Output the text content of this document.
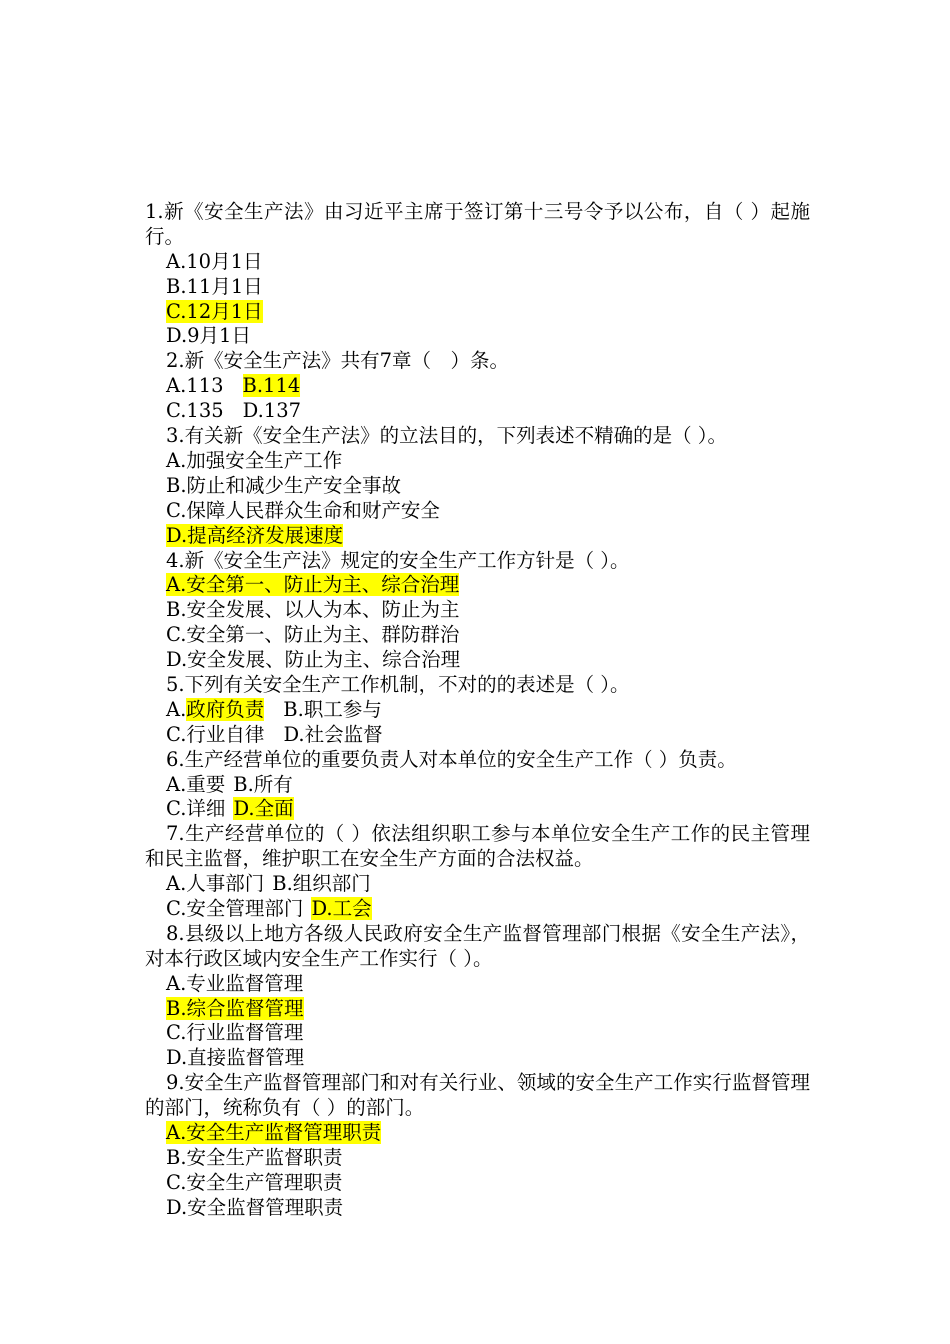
1.新《安全生产法》由习近平主席于签订第十三号令予以公布，自（ ）起施行。
A.10月1日
B.11月1日
C.12月1日
D.9月1日
2.新《安全生产法》共有7章（　）条。
A.113 B.114
C.135 D.137
3.有关新《安全生产法》的立法目的，下列表述不精确的是（ ）。
A.加强安全生产工作
B.防止和减少生产安全事故
C.保障人民群众生命和财产安全
D.提高经济发展速度
4.新《安全生产法》规定的安全生产工作方针是（ ）。
A.安全第一、防止为主、综合治理
B.安全发展、以人为本、防止为主
C.安全第一、防止为主、群防群治
D.安全发展、防止为主、综合治理
5.下列有关安全生产工作机制，不对的的表述是（ ）。
A.政府负责 B.职工参与
C.行业自律 D.社会监督
6.生产经营单位的重要负责人对本单位的安全生产工作（ ）负责。
A.重要 B.所有
C.详细 D.全面
7.生产经营单位的（ ）依法组织职工参与本单位安全生产工作的民主管理和民主监督，维护职工在安全生产方面的合法权益。
A.人事部门 B.组织部门
C.安全管理部门 D.工会
8.县级以上地方各级人民政府安全生产监督管理部门根据《安全生产法》，对本行政区域内安全生产工作实行（ ）。
A.专业监督管理
B.综合监督管理
C.行业监督管理
D.直接监督管理
9.安全生产监督管理部门和对有关行业、领域的安全生产工作实行监督管理的部门，统称负有（ ）的部门。
A.安全生产监督管理职责
B.安全生产监督职责
C.安全生产管理职责
D.安全监督管理职责
